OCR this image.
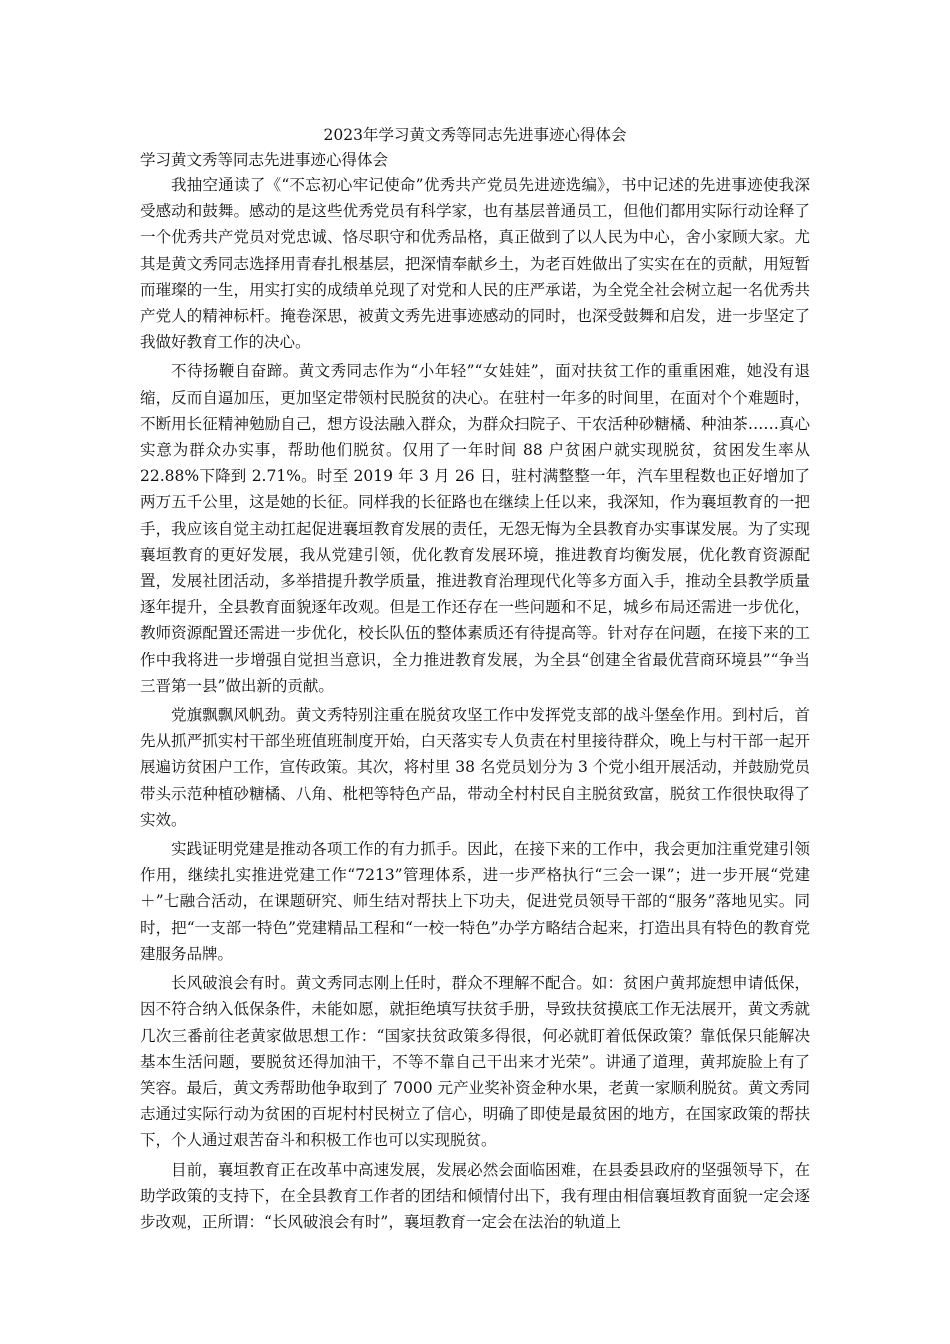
2023年学习黄文秀等同志先进事迹心得体会
学习黄文秀等同志先进事迹心得体会

我抽空通读了《“不忘初心牢记使命”优秀共产党员先进迹选编》，书中记述的先进事迹使我深受感动和鼓舞。感动的是这些优秀党员有科学家，也有基层普通员工，但他们都用实际行动诠释了一个优秀共产党员对党忠诚、恪尽职守和优秀品格，真正做到了以人民为中心，舍小家顾大家。尤其是黄文秀同志选择用青春扎根基层，把深情奉献乡土，为老百姓做出了实实在在的贡献，用短暂而璀璨的一生，用实打实的成绩单兑现了对党和人民的庄严承诺，为全党全社会树立起一名优秀共产党人的精神标杆。掩卷深思，被黄文秀先进事迹感动的同时，也深受鼓舞和启发，进一步坚定了我做好教育工作的决心。

不待扬鞭自奋蹄。黄文秀同志作为“小年轻”“女娃娃”，面对扶贫工作的重重困难，她没有退缩，反而自逼加压，更加坚定带领村民脱贫的决心。在驻村一年多的时间里，在面对个个难题时，不断用长征精神勉励自己，想方设法融入群众，为群众扫院子、干农活种砂糖橘、种油茶……真心实意为群众办实事，帮助他们脱贫。仅用了一年时间 88 户贫困户就实现脱贫，贫困发生率从 22.88%下降到 2.71%。时至 2019 年 3 月 26 日，驻村满整整一年，汽车里程数也正好增加了两万五千公里，这是她的长征。同样我的长征路也在继续上任以来，我深知，作为襄垣教育的一把手，我应该自觉主动扛起促进襄垣教育发展的责任，无怨无悔为全县教育办实事谋发展。为了实现襄垣教育的更好发展，我从党建引领，优化教育发展环境，推进教育均衡发展，优化教育资源配置，发展社团活动，多举措提升教学质量，推进教育治理现代化等多方面入手，推动全县教学质量逐年提升，全县教育面貌逐年改观。但是工作还存在一些问题和不足，城乡布局还需进一步优化，教师资源配置还需进一步优化，校长队伍的整体素质还有待提高等。针对存在问题，在接下来的工作中我将进一步增强自觉担当意识，全力推进教育发展，为全县“创建全省最优营商环境县”“争当三晋第一县”做出新的贡献。

党旗飘飘风帆劲。黄文秀特别注重在脱贫攻坚工作中发挥党支部的战斗堡垒作用。到村后，首先从抓严抓实村干部坐班值班制度开始，白天落实专人负责在村里接待群众，晚上与村干部一起开展遍访贫困户工作，宣传政策。其次，将村里 38 名党员划分为 3 个党小组开展活动，并鼓励党员带头示范种植砂糖橘、八角、枇杷等特色产品，带动全村村民自主脱贫致富，脱贫工作很快取得了实效。

实践证明党建是推动各项工作的有力抓手。因此，在接下来的工作中，我会更加注重党建引领作用，继续扎实推进党建工作“7213”管理体系，进一步严格执行“三会一课”；进一步开展“党建＋”七融合活动，在课题研究、师生结对帮扶上下功夫，促进党员领导干部的“服务”落地见实。同时，把“一支部一特色”党建精品工程和“一校一特色”办学方略结合起来，打造出具有特色的教育党建服务品牌。

长风破浪会有时。黄文秀同志刚上任时，群众不理解不配合。如：贫困户黄邦旋想申请低保，因不符合纳入低保条件，未能如愿，就拒绝填写扶贫手册，导致扶贫摸底工作无法展开，黄文秀就几次三番前往老黄家做思想工作：“国家扶贫政策多得很，何必就盯着低保政策？靠低保只能解决基本生活问题，要脱贫还得加油干，不等不靠自己干出来才光荣”。讲通了道理，黄邦旋脸上有了笑容。最后，黄文秀帮助他争取到了 7000 元产业奖补资金种水果，老黄一家顺利脱贫。黄文秀同志通过实际行动为贫困的百坭村村民树立了信心，明确了即使是最贫困的地方，在国家政策的帮扶下，个人通过艰苦奋斗和积极工作也可以实现脱贫。

目前，襄垣教育正在改革中高速发展，发展必然会面临困难，在县委县政府的坚强领导下，在助学政策的支持下，在全县教育工作者的团结和倾情付出下，我有理由相信襄垣教育面貌一定会逐步改观，正所谓：“长风破浪会有时”，襄垣教育一定会在法治的轨道上
